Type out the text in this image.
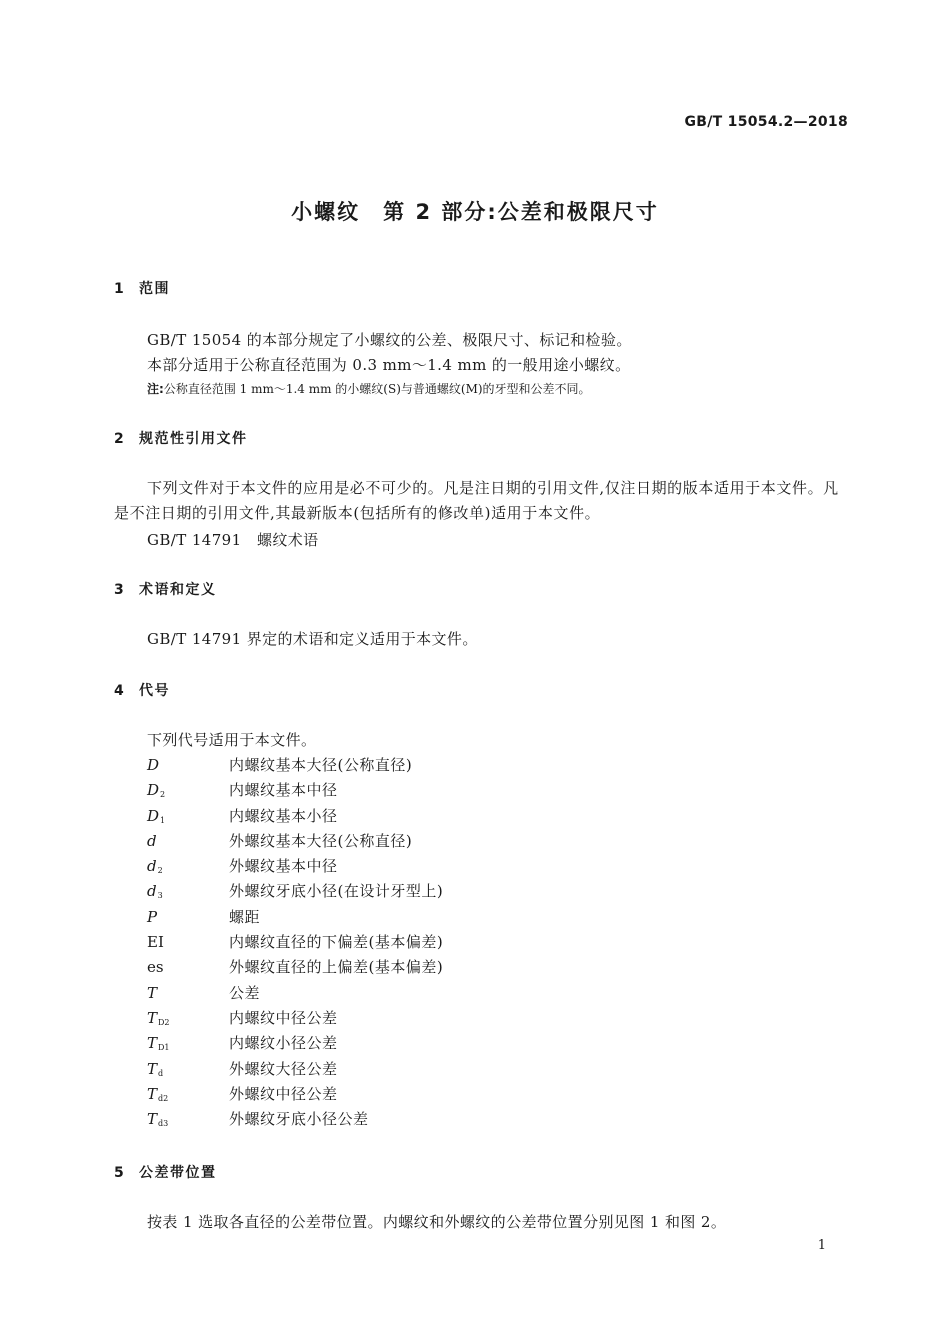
GB/T 15054.2—2018
小螺纹　第 2 部分:公差和极限尺寸
1 范围
GB/T 15054 的本部分规定了小螺纹的公差、极限尺寸、标记和检验。
本部分适用于公称直径范围为 0.3 mm～1.4 mm 的一般用途小螺纹。
注:公称直径范围 1 mm～1.4 mm 的小螺纹(S)与普通螺纹(M)的牙型和公差不同。
2 规范性引用文件
下列文件对于本文件的应用是必不可少的。凡是注日期的引用文件,仅注日期的版本适用于本文件。凡是不注日期的引用文件,其最新版本(包括所有的修改单)适用于本文件。
GB/T 14791　螺纹术语
3 术语和定义
GB/T 14791 界定的术语和定义适用于本文件。
4 代号
下列代号适用于本文件。
D	内螺纹基本大径(公称直径)
$D_2$	内螺纹基本中径
$D_1$	内螺纹基本小径
d	外螺纹基本大径(公称直径)
$d_2$	外螺纹基本中径
$d_3$	外螺纹牙底小径(在设计牙型上)
P	螺距
EI	内螺纹直径的下偏差(基本偏差)
es	外螺纹直径的上偏差(基本偏差)
T	公差
$T_{D2}$	内螺纹中径公差
$T_{D1}$	内螺纹小径公差
$T_d$	外螺纹大径公差
$T_{d2}$	外螺纹中径公差
$T_{d3}$	外螺纹牙底小径公差
5 公差带位置
按表 1 选取各直径的公差带位置。内螺纹和外螺纹的公差带位置分别见图 1 和图 2。
1
